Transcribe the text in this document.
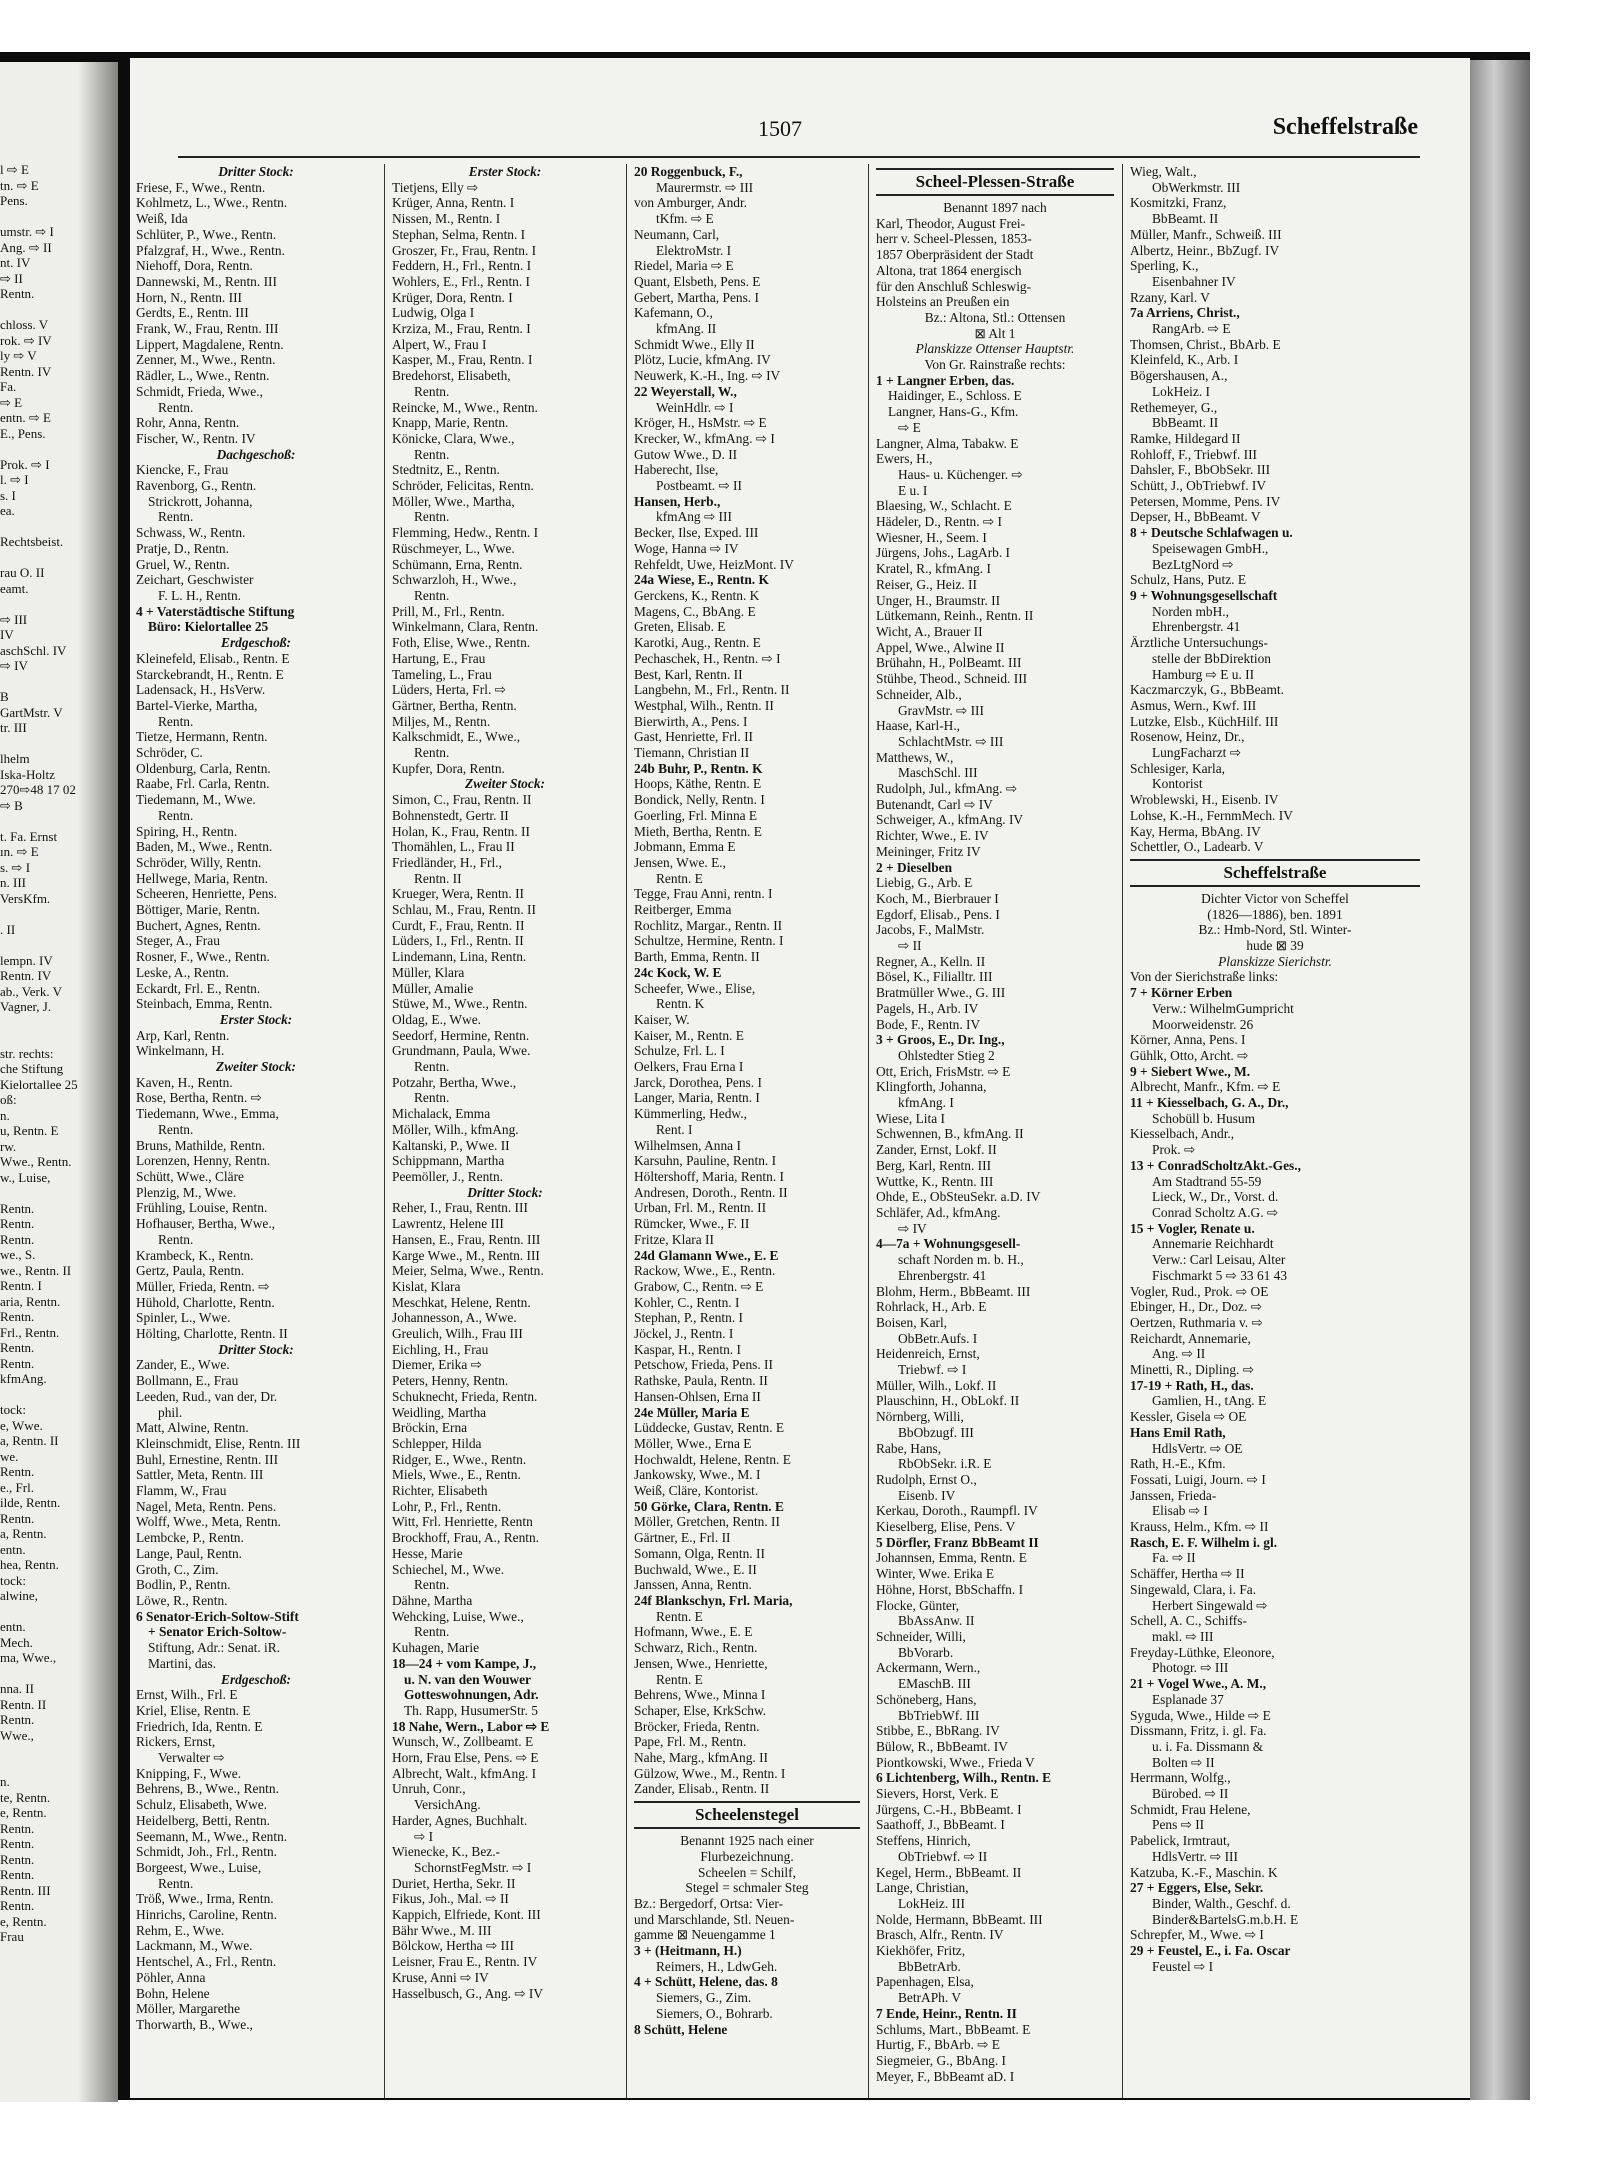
l ⇨ E
tn. ⇨ E
Pens.
umstr. ⇨ I
Ang. ⇨ II
nt. IV
⇨ II
Rentn.
chloss. V
rok. ⇨ IV
ly ⇨ V
Rentn. IV
Fa.
⇨ E
entn. ⇨ E
E., Pens.
Prok. ⇨ I
l. ⇨ I
s. I
ea.
Rechtsbeist.
rau O. II
eamt.
⇨ III
IV
aschSchl. IV
⇨ IV
B
GartMstr. V
tr. III
lhelm
Iska-Holtz
270⇨48 17 02
⇨ B
t. Fa. Ernst
ın. ⇨ E
s. ⇨ I
n. III
VersKfm.
. II
lempn. IV
Rentn. IV
ab., Verk. V
Vagner, J.
str. rechts:
che Stiftung
Kielortallee 25
oß:
n.
u, Rentn. E
rw.
Wwe., Rentn.
w., Luise,
Rentn.
Rentn.
Rentn.
we., S.
we., Rentn. II
Rentn. I
aria, Rentn.
Rentn.
Frl., Rentn.
Rentn.
Rentn.
kfmAng.
tock:
e, Wwe.
a, Rentn. II
we.
Rentn.
e., Frl.
ilde, Rentn.
Rentn.
a, Rentn.
entn.
hea, Rentn.
tock:
alwine,
entn.
Mech.
ma, Wwe.,
nna. II
Rentn. II
Rentn.
Wwe.,
n.
te, Rentn.
e, Rentn.
Rentn.
Rentn.
Rentn.
Rentn.
Rentn. III
Rentn.
e, Rentn.
Frau
1507	Scheffelstraße
Dritter Stock:
Friese, F., Wwe., Rentn.
Kohlmetz, L., Wwe., Rentn.
Weiß, Ida
Schlüter, P., Wwe., Rentn.
Pfalzgraf, H., Wwe., Rentn.
Niehoff, Dora, Rentn.
Dannewski, M., Rentn. III
Horn, N., Rentn. III
Gerdts, E., Rentn. III
Frank, W., Frau, Rentn. III
Lippert, Magdalene, Rentn.
Zenner, M., Wwe., Rentn.
Rädler, L., Wwe., Rentn.
Schmidt, Frieda, Wwe.,
Rentn.
Rohr, Anna, Rentn.
Fischer, W., Rentn. IV
Dachgeschoß:
Kiencke, F., Frau
Ravenborg, G., Rentn.
Strickrott, Johanna,
Rentn.
Schwass, W., Rentn.
Pratje, D., Rentn.
Gruel, W., Rentn.
Zeichart, Geschwister
F. L. H., Rentn.
4 + Vaterstädtische Stiftung
Büro: Kielortallee 25
Erdgeschoß:
Kleinefeld, Elisab., Rentn. E
Starckebrandt, H., Rentn. E
Ladensack, H., HsVerw.
Bartel-Vierke, Martha,
Rentn.
Tietze, Hermann, Rentn.
Schröder, C.
Oldenburg, Carla, Rentn.
Raabe, Frl. Carla, Rentn.
Tiedemann, M., Wwe.
Rentn.
Spiring, H., Rentn.
Baden, M., Wwe., Rentn.
Schröder, Willy, Rentn.
Hellwege, Maria, Rentn.
Scheeren, Henriette, Pens.
Böttiger, Marie, Rentn.
Buchert, Agnes, Rentn.
Steger, A., Frau
Rosner, F., Wwe., Rentn.
Leske, A., Rentn.
Eckardt, Frl. E., Rentn.
Steinbach, Emma, Rentn.
Erster Stock:
Arp, Karl, Rentn.
Winkelmann, H.
Zweiter Stock:
Kaven, H., Rentn.
Rose, Bertha, Rentn. ⇨
Tiedemann, Wwe., Emma,
Rentn.
Bruns, Mathilde, Rentn.
Lorenzen, Henny, Rentn.
Schütt, Wwe., Cläre
Plenzig, M., Wwe.
Frühling, Louise, Rentn.
Hofhauser, Bertha, Wwe.,
Rentn.
Krambeck, K., Rentn.
Gertz, Paula, Rentn.
Müller, Frieda, Rentn. ⇨
Hühold, Charlotte, Rentn.
Spinler, L., Wwe.
Hölting, Charlotte, Rentn. II
Dritter Stock:
Zander, E., Wwe.
Bollmann, E., Frau
Leeden, Rud., van der, Dr.
phil.
Matt, Alwine, Rentn.
Kleinschmidt, Elise, Rentn. III
Buhl, Ernestine, Rentn. III
Sattler, Meta, Rentn. III
Flamm, W., Frau
Nagel, Meta, Rentn. Pens.
Wolff, Wwe., Meta, Rentn.
Lembcke, P., Rentn.
Lange, Paul, Rentn.
Groth, C., Zim.
Bodlin, P., Rentn.
Löwe, R., Rentn.
6 Senator-Erich-Soltow-Stift
+ Senator Erich-Soltow-
Stiftung, Adr.: Senat. iR.
Martini, das.
Erdgeschoß:
Ernst, Wilh., Frl. E
Kriel, Elise, Rentn. E
Friedrich, Ida, Rentn. E
Rickers, Ernst,
Verwalter ⇨
Knipping, F., Wwe.
Behrens, B., Wwe., Rentn.
Schulz, Elisabeth, Wwe.
Heidelberg, Betti, Rentn.
Seemann, M., Wwe., Rentn.
Schmidt, Joh., Frl., Rentn.
Borgeest, Wwe., Luise,
Rentn.
Tröß, Wwe., Irma, Rentn.
Hinrichs, Caroline, Rentn.
Rehm, E., Wwe.
Lackmann, M., Wwe.
Hentschel, A., Frl., Rentn.
Pöhler, Anna
Bohn, Helene
Möller, Margarethe
Thorwarth, B., Wwe.,
Erster Stock:
Tietjens, Elly ⇨
Krüger, Anna, Rentn. I
Nissen, M., Rentn. I
Stephan, Selma, Rentn. I
Groszer, Fr., Frau, Rentn. I
Feddern, H., Frl., Rentn. I
Wohlers, E., Frl., Rentn. I
Krüger, Dora, Rentn. I
Ludwig, Olga I
Krziza, M., Frau, Rentn. I
Alpert, W., Frau I
Kasper, M., Frau, Rentn. I
Bredehorst, Elisabeth,
Rentn.
Reincke, M., Wwe., Rentn.
Knapp, Marie, Rentn.
Könicke, Clara, Wwe.,
Rentn.
Stedtnitz, E., Rentn.
Schröder, Felicitas, Rentn.
Möller, Wwe., Martha,
Rentn.
Flemming, Hedw., Rentn. I
Rüschmeyer, L., Wwe.
Schümann, Erna, Rentn.
Schwarzloh, H., Wwe.,
Rentn.
Prill, M., Frl., Rentn.
Winkelmann, Clara, Rentn.
Foth, Elise, Wwe., Rentn.
Hartung, E., Frau
Tameling, L., Frau
Lüders, Herta, Frl. ⇨
Gärtner, Bertha, Rentn.
Miljes, M., Rentn.
Kalkschmidt, E., Wwe.,
Rentn.
Kupfer, Dora, Rentn.
Zweiter Stock:
Simon, C., Frau, Rentn. II
Bohnenstedt, Gertr. II
Holan, K., Frau, Rentn. II
Thomählen, L., Frau II
Friedländer, H., Frl.,
Rentn. II
Krueger, Wera, Rentn. II
Schlau, M., Frau, Rentn. II
Curdt, F., Frau, Rentn. II
Lüders, I., Frl., Rentn. II
Lindemann, Lina, Rentn.
Müller, Klara
Müller, Amalie
Stüwe, M., Wwe., Rentn.
Oldag, E., Wwe.
Seedorf, Hermine, Rentn.
Grundmann, Paula, Wwe.
Rentn.
Potzahr, Bertha, Wwe.,
Rentn.
Michalack, Emma
Möller, Wilh., kfmAng.
Kaltanski, P., Wwe. II
Schippmann, Martha
Peemöller, J., Rentn.
Dritter Stock:
Reher, I., Frau, Rentn. III
Lawrentz, Helene III
Hansen, E., Frau, Rentn. III
Karge Wwe., M., Rentn. III
Meier, Selma, Wwe., Rentn.
Kislat, Klara
Meschkat, Helene, Rentn.
Johannesson, A., Wwe.
Greulich, Wilh., Frau III
Eichling, H., Frau
Diemer, Erika ⇨
Peters, Henny, Rentn.
Schuknecht, Frieda, Rentn.
Weidling, Martha
Bröckin, Erna
Schlepper, Hilda
Ridger, E., Wwe., Rentn.
Miels, Wwe., E., Rentn.
Richter, Elisabeth
Lohr, P., Frl., Rentn.
Witt, Frl. Henriette, Rentn
Brockhoff, Frau, A., Rentn.
Hesse, Marie
Schiechel, M., Wwe.
Rentn.
Dähne, Martha
Wehcking, Luise, Wwe.,
Rentn.
Kuhagen, Marie
18—24 + vom Kampe, J.,
u. N. van den Wouwer
Gotteswohnungen, Adr.
Th. Rapp, HusumerStr. 5
18 Nahe, Wern., Labor ⇨ E
Wunsch, W., Zollbeamt. E
Horn, Frau Else, Pens. ⇨ E
Albrecht, Walt., kfmAng. I
Unruh, Conr.,
VersichAng.
Harder, Agnes, Buchhalt.
⇨ I
Wienecke, K., Bez.-
SchornstFegMstr. ⇨ I
Duriet, Hertha, Sekr. II
Fikus, Joh., Mal. ⇨ II
Kappich, Elfriede, Kont. III
Bähr Wwe., M. III
Bölckow, Hertha ⇨ III
Leisner, Frau E., Rentn. IV
Kruse, Anni ⇨ IV
Hasselbusch, G., Ang. ⇨ IV
20 Roggenbuck, F.,
Maurermstr. ⇨ III
von Amburger, Andr.
tKfm. ⇨ E
Neumann, Carl,
ElektroMstr. I
Riedel, Maria ⇨ E
Quant, Elsbeth, Pens. E
Gebert, Martha, Pens. I
Kafemann, O.,
kfmAng. II
Schmidt Wwe., Elly II
Plötz, Lucie, kfmAng. IV
Neuwerk, K.-H., Ing. ⇨ IV
22 Weyerstall, W.,
WeinHdlr. ⇨ I
Kröger, H., HsMstr. ⇨ E
Krecker, W., kfmAng. ⇨ I
Gutow Wwe., D. II
Haberecht, Ilse,
Postbeamt. ⇨ II
Hansen, Herb.,
kfmAng ⇨ III
Becker, Ilse, Exped. III
Woge, Hanna ⇨ IV
Rehfeldt, Uwe, HeizMont. IV
24a Wiese, E., Rentn. K
Gerckens, K., Rentn. K
Magens, C., BbAng. E
Greten, Elisab. E
Karotki, Aug., Rentn. E
Pechaschek, H., Rentn. ⇨ I
Best, Karl, Rentn. II
Langbehn, M., Frl., Rentn. II
Westphal, Wilh., Rentn. II
Bierwirth, A., Pens. I
Gast, Henriette, Frl. II
Tiemann, Christian II
24b Buhr, P., Rentn. K
Hoops, Käthe, Rentn. E
Bondick, Nelly, Rentn. I
Goerling, Frl. Minna E
Mieth, Bertha, Rentn. E
Jobmann, Emma E
Jensen, Wwe. E.,
Rentn. E
Tegge, Frau Anni, rentn. I
Reitberger, Emma
Rochlitz, Margar., Rentn. II
Schultze, Hermine, Rentn. I
Barth, Emma, Rentn. II
24c Kock, W. E
Scheefer, Wwe., Elise,
Rentn. K
Kaiser, W.
Kaiser, M., Rentn. E
Schulze, Frl. L. I
Oelkers, Frau Erna I
Jarck, Dorothea, Pens. I
Langer, Maria, Rentn. I
Kümmerling, Hedw.,
Rent. I
Wilhelmsen, Anna I
Karsuhn, Pauline, Rentn. I
Höltershoff, Maria, Rentn. I
Andresen, Doroth., Rentn. II
Urban, Frl. M., Rentn. II
Rümcker, Wwe., F. II
Fritze, Klara II
24d Glamann Wwe., E. E
Rackow, Wwe., E., Rentn.
Grabow, C., Rentn. ⇨ E
Kohler, C., Rentn. I
Stephan, P., Rentn. I
Jöckel, J., Rentn. I
Kaspar, H., Rentn. I
Petschow, Frieda, Pens. II
Rathske, Paula, Rentn. II
Hansen-Ohlsen, Erna II
24e Müller, Maria E
Lüddecke, Gustav, Rentn. E
Möller, Wwe., Erna E
Hochwaldt, Helene, Rentn. E
Jankowsky, Wwe., M. I
Weiß, Cläre, Kontorist.
50 Görke, Clara, Rentn. E
Möller, Gretchen, Rentn. II
Gärtner, E., Frl. II
Somann, Olga, Rentn. II
Buchwald, Wwe., E. II
Janssen, Anna, Rentn.
24f Blankschyn, Frl. Maria,
Rentn. E
Hofmann, Wwe., E. E
Schwarz, Rich., Rentn.
Jensen, Wwe., Henriette,
Rentn. E
Behrens, Wwe., Minna I
Schaper, Else, KrkSchw.
Bröcker, Frieda, Rentn.
Pape, Frl. M., Rentn.
Nahe, Marg., kfmAng. II
Gülzow, Wwe., M., Rentn. I
Zander, Elisab., Rentn. II
Scheelenstegel
Benannt 1925 nach einer
Flurbezeichnung.
Scheelen = Schilf,
Stegel = schmaler Steg
Bz.: Bergedorf, Ortsa: Vier-
und Marschlande, Stl. Neuen-
gamme ⊠ Neuengamme 1
3 + (Heitmann, H.)
Reimers, H., LdwGeh.
4 + Schütt, Helene, das. 8
Siemers, G., Zim.
Siemers, O., Bohrarb.
8 Schütt, Helene
Scheel-Plessen-Straße
Benannt 1897 nach
Karl, Theodor, August Frei-
herr v. Scheel-Plessen, 1853-
1857 Oberpräsident der Stadt
Altona, trat 1864 energisch
für den Anschluß Schleswig-
Holsteins an Preußen ein
Bz.: Altona, Stl.: Ottensen
⊠ Alt 1
Planskizze Ottenser Hauptstr.
Von Gr. Rainstraße rechts:
1 + Langner Erben, das.
Haidinger, E., Schloss. E
Langner, Hans-G., Kfm.
⇨ E
Langner, Alma, Tabakw. E
Ewers, H.,
Haus- u. Küchenger. ⇨
E u. I
Blaesing, W., Schlacht. E
Hädeler, D., Rentn. ⇨ I
Wiesner, H., Seem. I
Jürgens, Johs., LagArb. I
Kratel, R., kfmAng. I
Reiser, G., Heiz. II
Unger, H., Braumstr. II
Lütkemann, Reinh., Rentn. II
Wicht, A., Brauer II
Appel, Wwe., Alwine II
Brühahn, H., PolBeamt. III
Stühbe, Theod., Schneid. III
Schneider, Alb.,
GravMstr. ⇨ III
Haase, Karl-H.,
SchlachtMstr. ⇨ III
Matthews, W.,
MaschSchl. III
Rudolph, Jul., kfmAng. ⇨
Butenandt, Carl ⇨ IV
Schweiger, A., kfmAng. IV
Richter, Wwe., E. IV
Meininger, Fritz IV
2 + Dieselben
Liebig, G., Arb. E
Koch, M., Bierbrauer I
Egdorf, Elisab., Pens. I
Jacobs, F., MalMstr.
⇨ II
Regner, A., Kelln. II
Bösel, K., Filialltr. III
Bratmüller Wwe., G. III
Pagels, H., Arb. IV
Bode, F., Rentn. IV
3 + Groos, E., Dr. Ing.,
Ohlstedter Stieg 2
Ott, Erich, FrisMstr. ⇨ E
Klingforth, Johanna,
kfmAng. I
Wiese, Lita I
Schwennen, B., kfmAng. II
Zander, Ernst, Lokf. II
Berg, Karl, Rentn. III
Wuttke, K., Rentn. III
Ohde, E., ObSteuSekr. a.D. IV
Schläfer, Ad., kfmAng.
⇨ IV
4—7a + Wohnungsgesell-
schaft Norden m. b. H.,
Ehrenbergstr. 41
Blohm, Herm., BbBeamt. III
Rohrlack, H., Arb. E
Boisen, Karl,
ObBetr.Aufs. I
Heidenreich, Ernst,
Triebwf. ⇨ I
Müller, Wilh., Lokf. II
Plauschinn, H., ObLokf. II
Nörnberg, Willi,
BbObzugf. III
Rabe, Hans,
RbObSekr. i.R. E
Rudolph, Ernst O.,
Eisenb. IV
Kerkau, Doroth., Raumpfl. IV
Kieselberg, Elise, Pens. V
5 Dörfler, Franz BbBeamt II
Johannsen, Emma, Rentn. E
Winter, Wwe. Erika E
Höhne, Horst, BbSchaffn. I
Flocke, Günter,
BbAssAnw. II
Schneider, Willi,
BbVorarb.
Ackermann, Wern.,
EMaschB. III
Schöneberg, Hans,
BbTriebWf. III
Stibbe, E., BbRang. IV
Bülow, R., BbBeamt. IV
Piontkowski, Wwe., Frieda V
6 Lichtenberg, Wilh., Rentn. E
Sievers, Horst, Verk. E
Jürgens, C.-H., BbBeamt. I
Saathoff, J., BbBeamt. I
Steffens, Hinrich,
ObTriebwf. ⇨ II
Kegel, Herm., BbBeamt. II
Lange, Christian,
LokHeiz. III
Nolde, Hermann, BbBeamt. III
Brasch, Alfr., Rentn. IV
Kiekhöfer, Fritz,
BbBetrArb.
Papenhagen, Elsa,
BetrAPh. V
7 Ende, Heinr., Rentn. II
Schlums, Mart., BbBeamt. E
Hurtig, F., BbArb. ⇨ E
Siegmeier, G., BbAng. I
Meyer, F., BbBeamt aD. I
Wieg, Walt.,
ObWerkmstr. III
Kosmitzki, Franz,
BbBeamt. II
Müller, Manfr., Schweiß. III
Albertz, Heinr., BbZugf. IV
Sperling, K.,
Eisenbahner IV
Rzany, Karl. V
7a Arriens, Christ.,
RangArb. ⇨ E
Thomsen, Christ., BbArb. E
Kleinfeld, K., Arb. I
Bögershausen, A.,
LokHeiz. I
Rethemeyer, G.,
BbBeamt. II
Ramke, Hildegard II
Rohloff, F., Triebwf. III
Dahsler, F., BbObSekr. III
Schütt, J., ObTriebwf. IV
Petersen, Momme, Pens. IV
Depser, H., BbBeamt. V
8 + Deutsche Schlafwagen u.
Speisewagen GmbH.,
BezLtgNord ⇨
Schulz, Hans, Putz. E
9 + Wohnungsgesellschaft
Norden mbH.,
Ehrenbergstr. 41
Ärztliche Untersuchungs-
stelle der BbDirektion
Hamburg ⇨ E u. II
Kaczmarczyk, G., BbBeamt.
Asmus, Wern., Kwf. III
Lutzke, Elsb., KüchHilf. III
Rosenow, Heinz, Dr.,
LungFacharzt ⇨
Schlesiger, Karla,
Kontorist
Wroblewski, H., Eisenb. IV
Lohse, K.-H., FernmMech. IV
Kay, Herma, BbAng. IV
Schettler, O., Ladearb. V
Scheffelstraße
Dichter Victor von Scheffel
(1826—1886), ben. 1891
Bz.: Hmb-Nord, Stl. Winter-
hude ⊠ 39
Planskizze Sierichstr.
Von der Sierichstraße links:
7 + Körner Erben
Verw.: WilhelmGumpricht
Moorweidenstr. 26
Körner, Anna, Pens. I
Gühlk, Otto, Archt. ⇨
9 + Siebert Wwe., M.
Albrecht, Manfr., Kfm. ⇨ E
11 + Kiesselbach, G. A., Dr.,
Schobüll b. Husum
Kiesselbach, Andr.,
Prok. ⇨
13 + ConradScholtzAkt.-Ges.,
Am Stadtrand 55-59
Lieck, W., Dr., Vorst. d.
Conrad Scholtz A.G. ⇨
15 + Vogler, Renate u.
Annemarie Reichhardt
Verw.: Carl Leisau, Alter
Fischmarkt 5 ⇨ 33 61 43
Vogler, Rud., Prok. ⇨ OE
Ebinger, H., Dr., Doz. ⇨
Oertzen, Ruthmaria v. ⇨
Reichardt, Annemarie,
Ang. ⇨ II
Minetti, R., Dipling. ⇨
17-19 + Rath, H., das.
Gamlien, H., tAng. E
Kessler, Gisela ⇨ OE
Hans Emil Rath,
HdlsVertr. ⇨ OE
Rath, H.-E., Kfm.
Fossati, Luigi, Journ. ⇨ I
Janssen, Frieda-
Elisab ⇨ I
Krauss, Helm., Kfm. ⇨ II
Rasch, E. F. Wilhelm i. gl.
Fa. ⇨ II
Schäffer, Hertha ⇨ II
Singewald, Clara, i. Fa.
Herbert Singewald ⇨
Schell, A. C., Schiffs-
makl. ⇨ III
Freyday-Lüthke, Eleonore,
Photogr. ⇨ III
21 + Vogel Wwe., A. M.,
Esplanade 37
Syguda, Wwe., Hilde ⇨ E
Dissmann, Fritz, i. gl. Fa.
u. i. Fa. Dissmann &
Bolten ⇨ II
Herrmann, Wolfg.,
Bürobed. ⇨ II
Schmidt, Frau Helene,
Pens ⇨ II
Pabelick, Irmtraut,
HdlsVertr. ⇨ III
Katzuba, K.-F., Maschin. K
27 + Eggers, Else, Sekr.
Binder, Walth., Geschf. d.
Binder&BartelsG.m.b.H. E
Schrepfer, M., Wwe. ⇨ I
29 + Feustel, E., i. Fa. Oscar
Feustel ⇨ I
